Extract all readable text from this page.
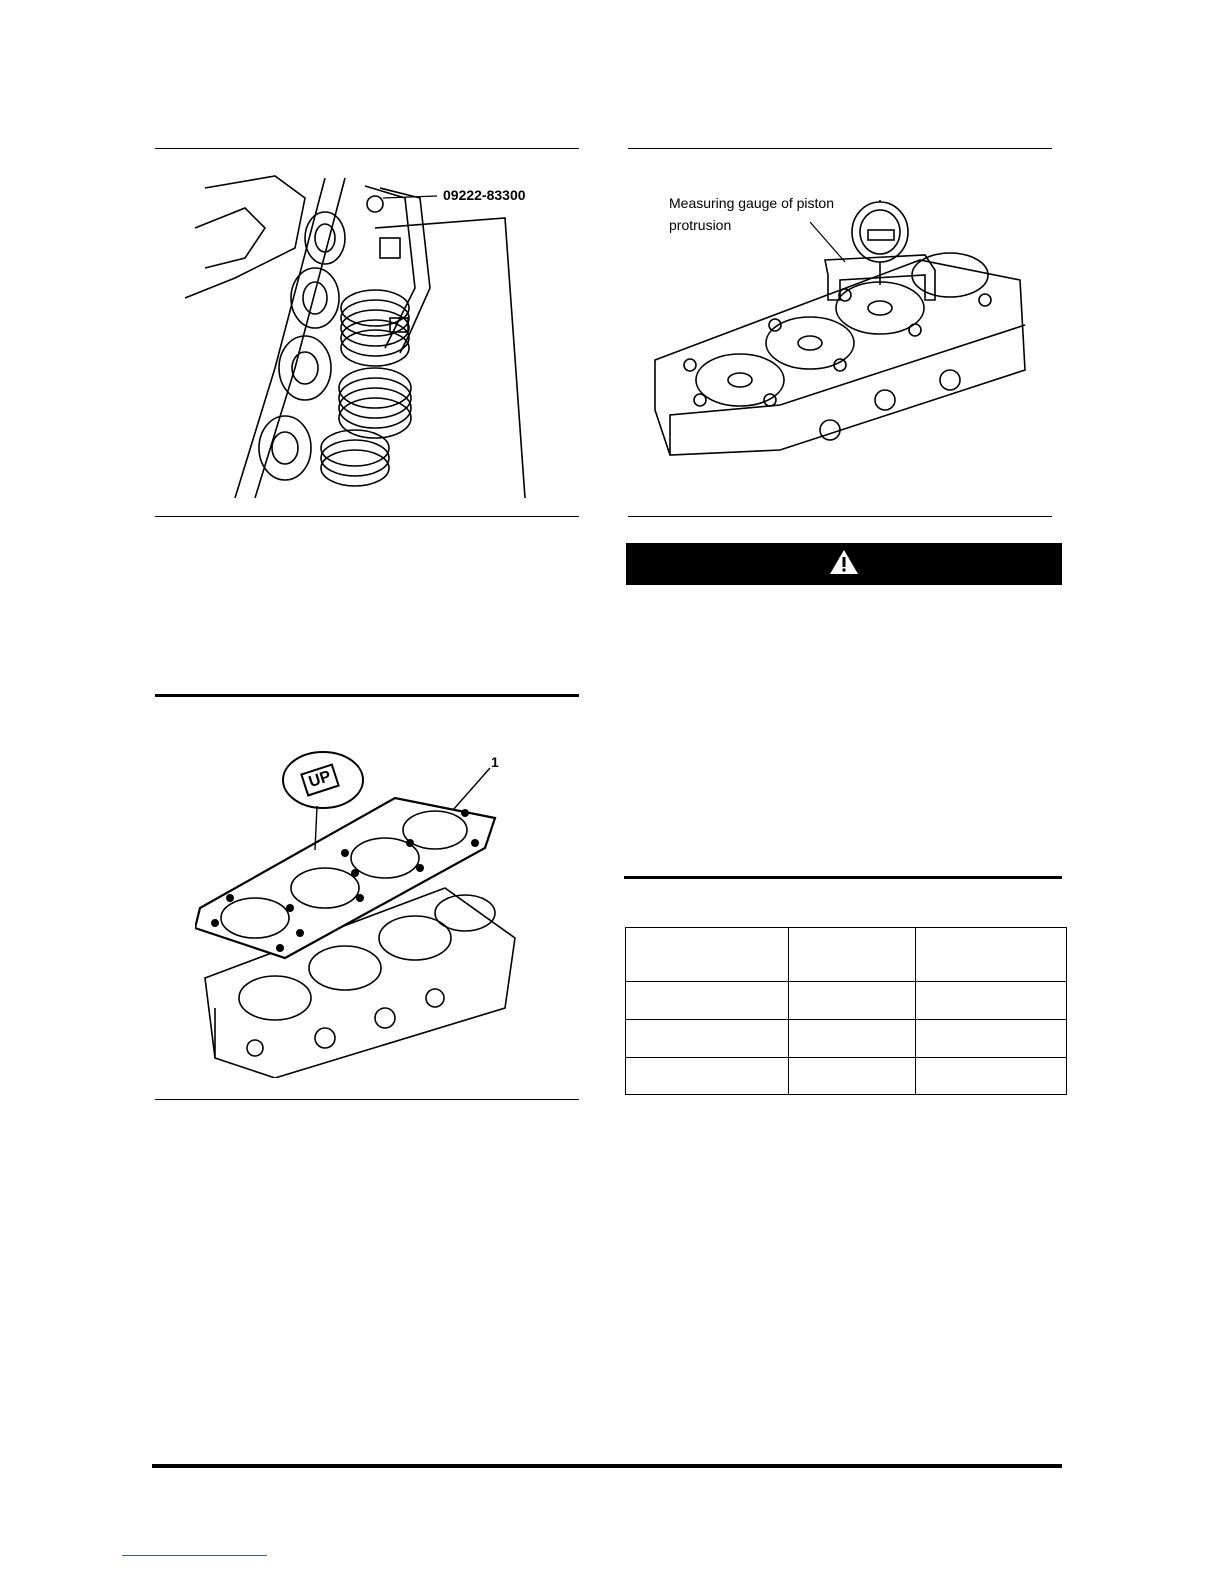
09222-83300
UP
1
Measuring gauge of piston
protrusion
